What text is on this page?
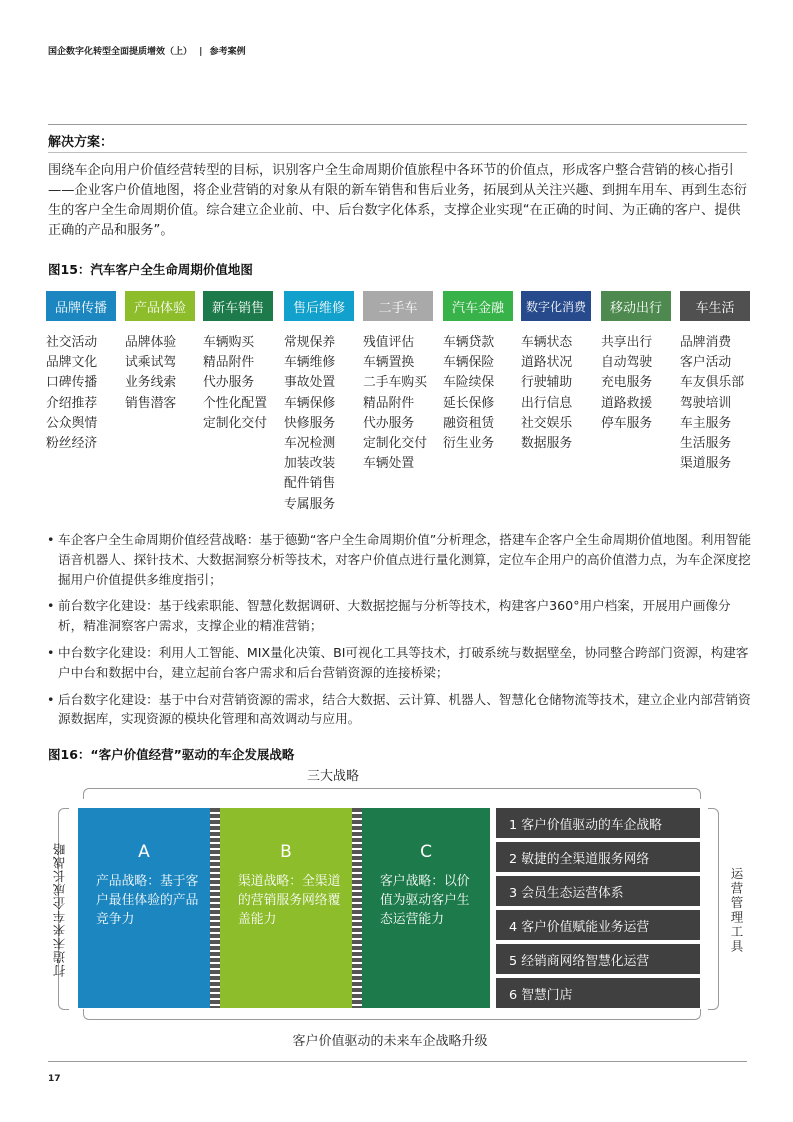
国企数字化转型全面提质增效（上） | 参考案例
解决方案：
围绕车企向用户价值经营转型的目标，识别客户全生命周期价值旅程中各环节的价值点，形成客户整合营销的核心指引——企业客户价值地图，将企业营销的对象从有限的新车销售和售后业务，拓展到从关注兴趣、到拥车用车、再到生态衍生的客户全生命周期价值。综合建立企业前、中、后台数字化体系，支撑企业实现“在正确的时间、为正确的客户、提供正确的产品和服务”。
图15：汽车客户全生命周期价值地图
品牌传播
社交活动
品牌文化
口碑传播
介绍推荐
公众舆情
粉丝经济
产品体验
品牌体验
试乘试驾
业务线索
销售潜客
新车销售
车辆购买
精品附件
代办服务
个性化配置
定制化交付
售后维修
常规保养
车辆维修
事故处置
车辆保修
快修服务
车况检测
加装改装
配件销售
专属服务
二手车
残值评估
车辆置换
二手车购买
精品附件
代办服务
定制化交付
车辆处置
汽车金融
车辆贷款
车辆保险
车险续保
延长保修
融资租赁
衍生业务
数字化消费
车辆状态
道路状况
行驶辅助
出行信息
社交娱乐
数据服务
移动出行
共享出行
自动驾驶
充电服务
道路救援
停车服务
车生活
品牌消费
客户活动
车友俱乐部
驾驶培训
车主服务
生活服务
渠道服务
• 车企客户全生命周期价值经营战略：基于德勤“客户全生命周期价值”分析理念，搭建车企客户全生命周期价值地图。利用智能语音机器人、探针技术、大数据洞察分析等技术，对客户价值点进行量化测算，定位车企用户的高价值潜力点，为车企深度挖掘用户价值提供多维度指引；
• 前台数字化建设：基于线索职能、智慧化数据调研、大数据挖掘与分析等技术，构建客户360°用户档案，开展用户画像分析，精准洞察客户需求，支撑企业的精准营销；
• 中台数字化建设：利用人工智能、MIX量化决策、BI可视化工具等技术，打破系统与数据壁垒，协同整合跨部门资源，构建客户中台和数据中台，建立起前台客户需求和后台营销资源的连接桥梁；
• 后台数字化建设：基于中台对营销资源的需求，结合大数据、云计算、机器人、智慧化仓储物流等技术，建立企业内部营销资源数据库，实现资源的模块化管理和高效调动与应用。
图16：“客户价值经营”驱动的车企发展战略
三大战略
打造未来车企成长战略	A
产品战略：基于客户最佳体验的产品竞争力
B
渠道战略：全渠道的营销服务网络覆盖能力
C
客户战略：以价值为驱动客户生态运营能力
1 客户价值驱动的车企战略
2 敏捷的全渠道服务网络
3 会员生态运营体系
4 客户价值赋能业务运营
5 经销商网络智慧化运营
6 智慧门店
运营管理工具
客户价值驱动的未来车企战略升级
17
